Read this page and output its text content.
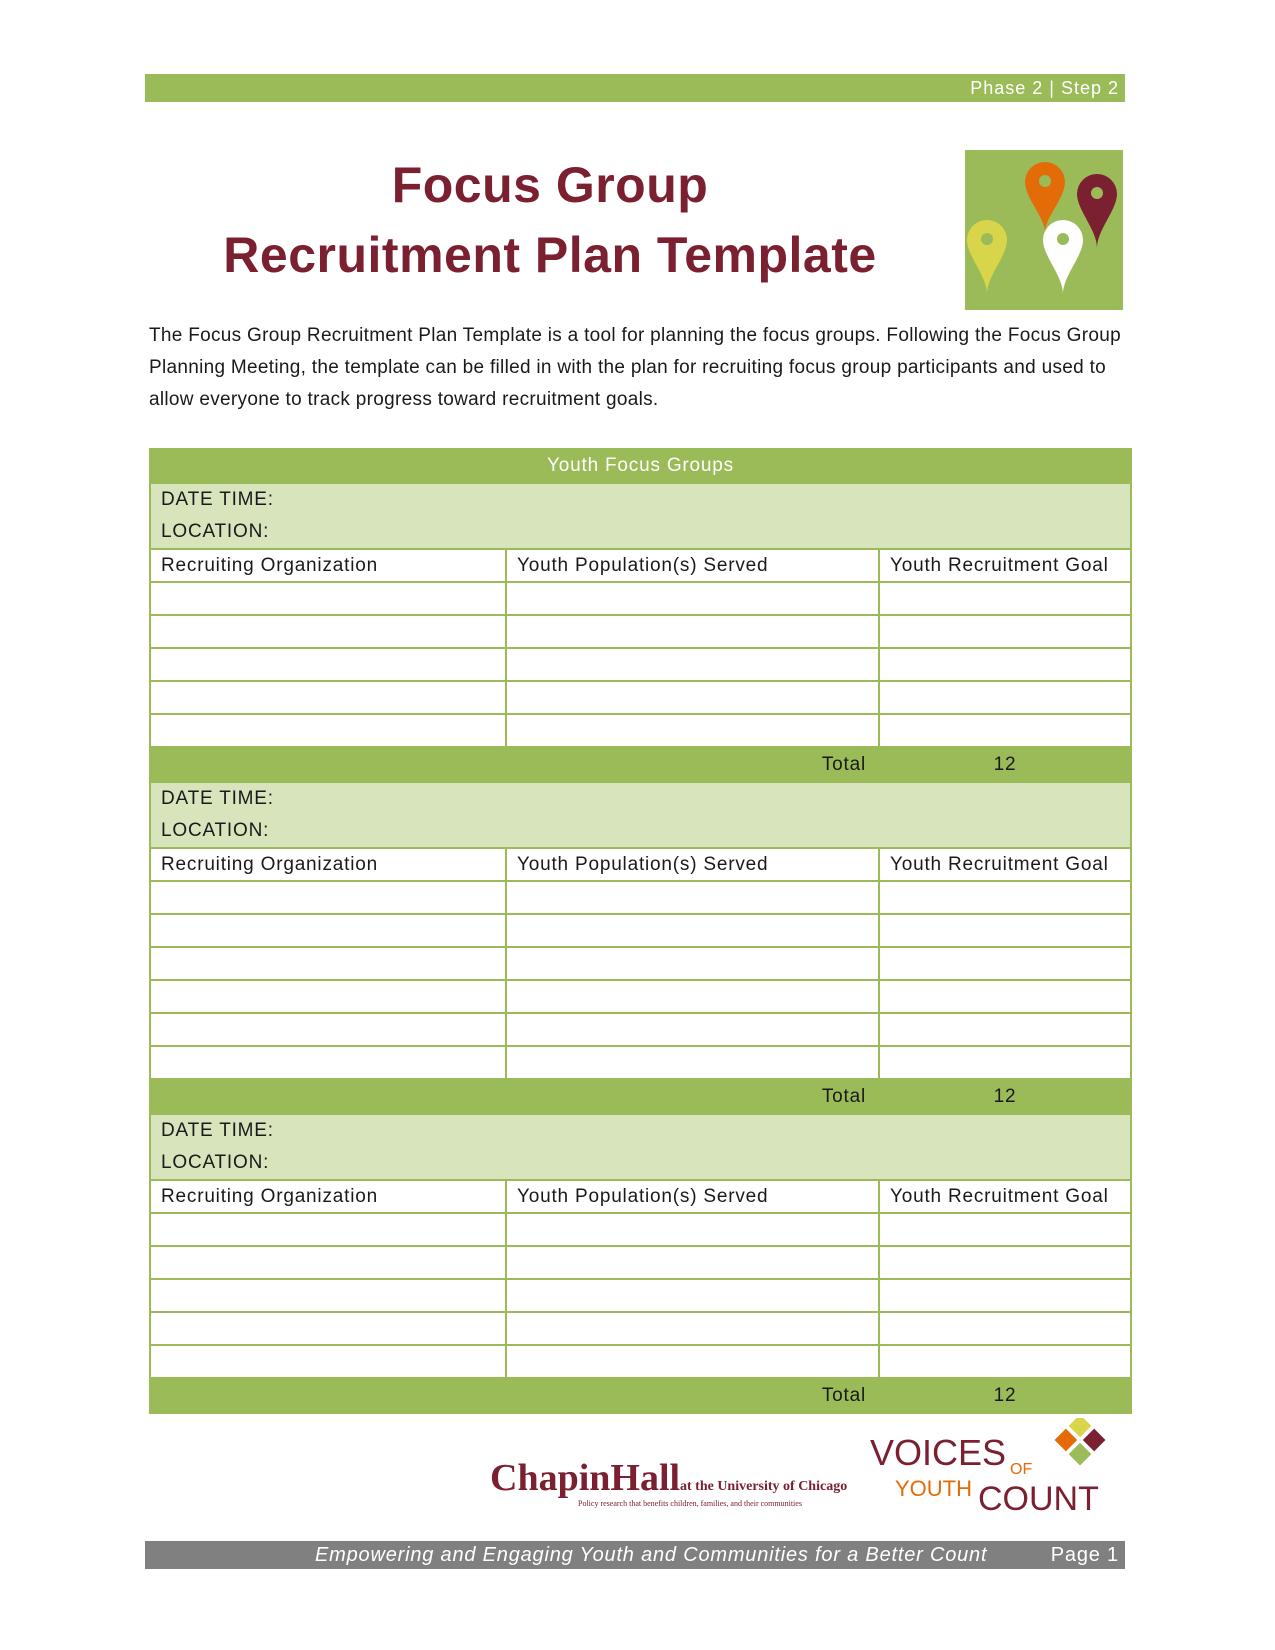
Phase 2 | Step 2
Focus Group
Recruitment Plan Template
The Focus Group Recruitment Plan Template is a tool for planning the focus groups. Following the Focus Group Planning Meeting, the template can be filled in with the plan for recruiting focus group participants and used to allow everyone to track progress toward recruitment goals.
Youth Focus Groups		

DATE TIME:
LOCATION:		

Recruiting Organization	Youth Population(s) Served	Youth Recruitment Goal

Total		12

DATE TIME:
LOCATION:		

Recruiting Organization	Youth Population(s) Served	Youth Recruitment Goal

Total		12

DATE TIME:
LOCATION:		

Recruiting Organization	Youth Population(s) Served	Youth Recruitment Goal

Total		12
ChapinHall at the University of Chicago
Policy research that benefits children, families, and their communities
VOICES OF
YOUTH COUNT
Empowering and Engaging Youth and Communities for a Better Count	Page 1
